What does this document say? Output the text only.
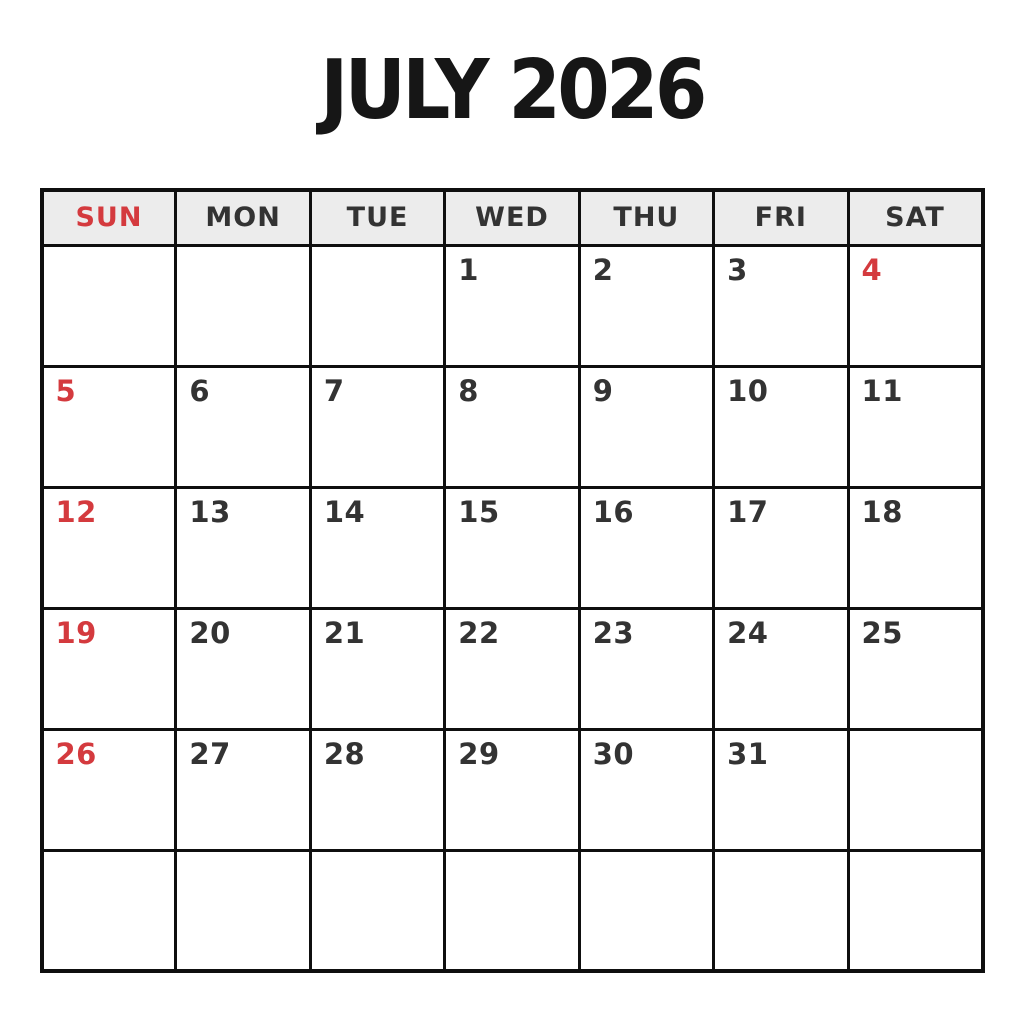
JULY 2026
SUN	MON	TUE	WED	THU	FRI	SAT
			1	2	3	4
5	6	7	8	9	10	11
12	13	14	15	16	17	18
19	20	21	22	23	24	25
26	27	28	29	30	31	
